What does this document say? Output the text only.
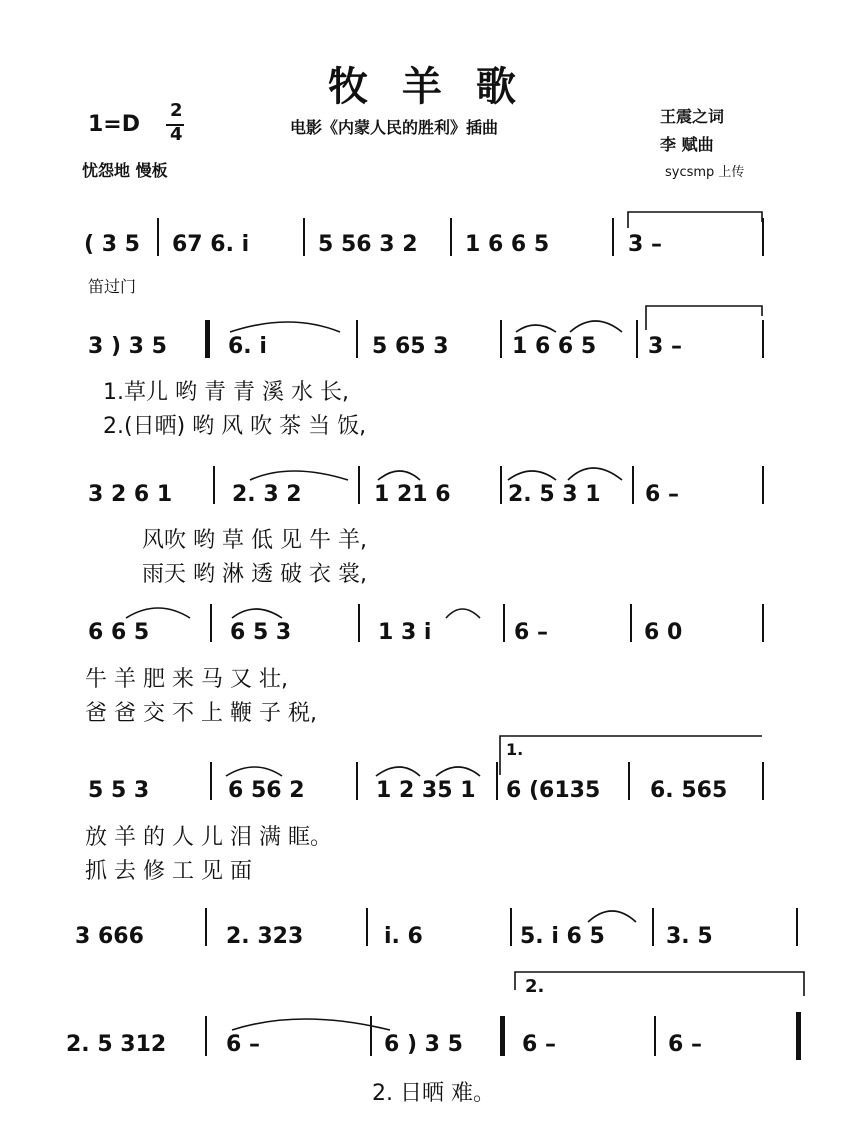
牧 羊 歌
1=D
2
4	电影《内蒙人民的胜利》插曲
王震之词
李 赋曲
忧怨地 慢板	sycsmp 上传
( 3 5 67 6. i	5 56 3 2 1 6 6 5	3 –
笛过门
3 ) 3 5	6. i	5 65 3	1 6 6 5 3 –
1.草儿 哟 青 青 溪 水 长,
2.(日晒) 哟 风 吹 茶 当 饭,
3 2 6 1	2. 3 2	1 21 6	2. 5 3 1 6 –
风吹 哟 草 低 见 牛 羊,
雨天 哟 淋 透 破 衣 裳,
6 6 5	6 5 3	1 3 i	6 –	6 0
牛 羊 肥 来 马 又 壮,
爸 爸 交 不 上 鞭 子 税,
1.
5 5 3	6 56 2	1 2 35 1 6 (6135 6. 565
放 羊 的 人 儿 泪 满 眶。
抓 去 修 工 见 面
3 666	2. 323	i. 6	5. i 6 5	3. 5
2.
2. 5 312	6 –	6 ) 3 5	6 –	6 –
2. 日晒 难。
